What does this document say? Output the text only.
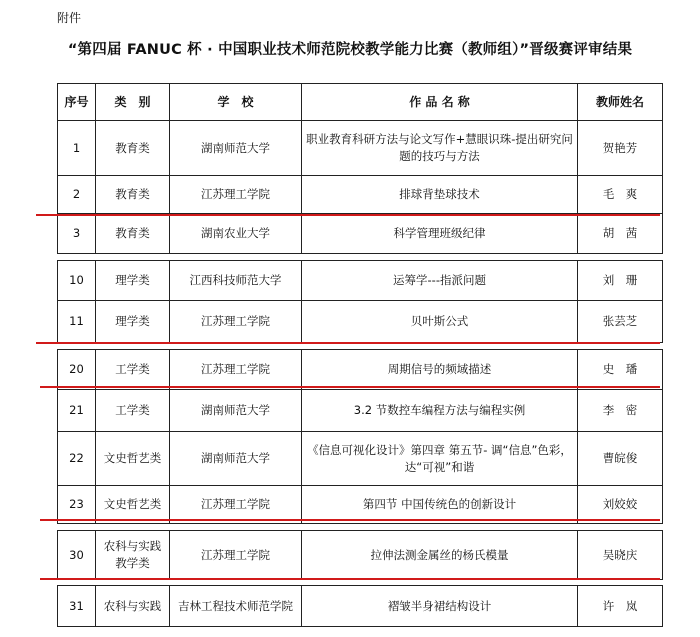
附件
“第四届 FANUC 杯 · 中国职业技术师范院校教学能力比赛（教师组）”晋级赛评审结果
序号	类　别	学　校	作 品 名 称	教师姓名
1	教育类	湖南师范大学	职业教育科研方法与论文写作+慧眼识珠-提出研究问题的技巧与方法	贺艳芳
2	教育类	江苏理工学院	排球背垫球技术	毛　爽
3	教育类	湖南农业大学	科学管理班级纪律	胡　茜
10	理学类	江西科技师范大学	运筹学---指派问题	刘　珊
11	理学类	江苏理工学院	贝叶斯公式	张芸芝
20	工学类	江苏理工学院	周期信号的频域描述	史　璠
21	工学类	湖南师范大学	3.2 节数控车编程方法与编程实例	李　密
22	文史哲艺类	湖南师范大学	《信息可视化设计》第四章 第五节- 调“信息”色彩，达“可视”和谐	曹皖俊
23	文史哲艺类	江苏理工学院	第四节 中国传统色的创新设计	刘姣姣
30	农科与实践教学类	江苏理工学院	拉伸法测金属丝的杨氏模量	吴晓庆
31	农科与实践	吉林工程技术师范学院	褶皱半身裙结构设计	许　岚
